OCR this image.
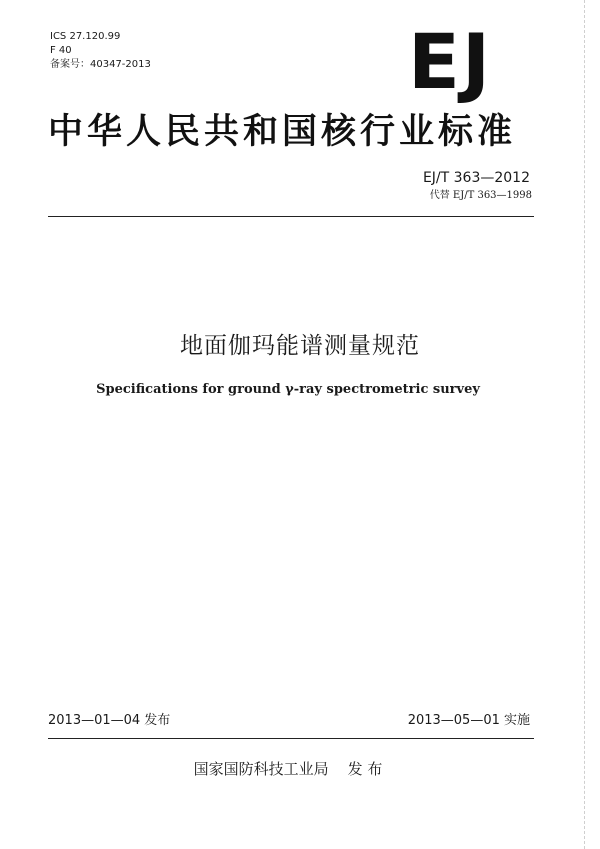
ICS 27.120.99
F 40
备案号：40347-2013	EJ
中华人民共和国核行业标准
EJ/T 363—2012
代替 EJ/T 363—1998
地面伽玛能谱测量规范
Specifications for ground γ-ray spectrometric survey
2013—01—04 发布	2013—05—01 实施
国家国防科技工业局    发 布
